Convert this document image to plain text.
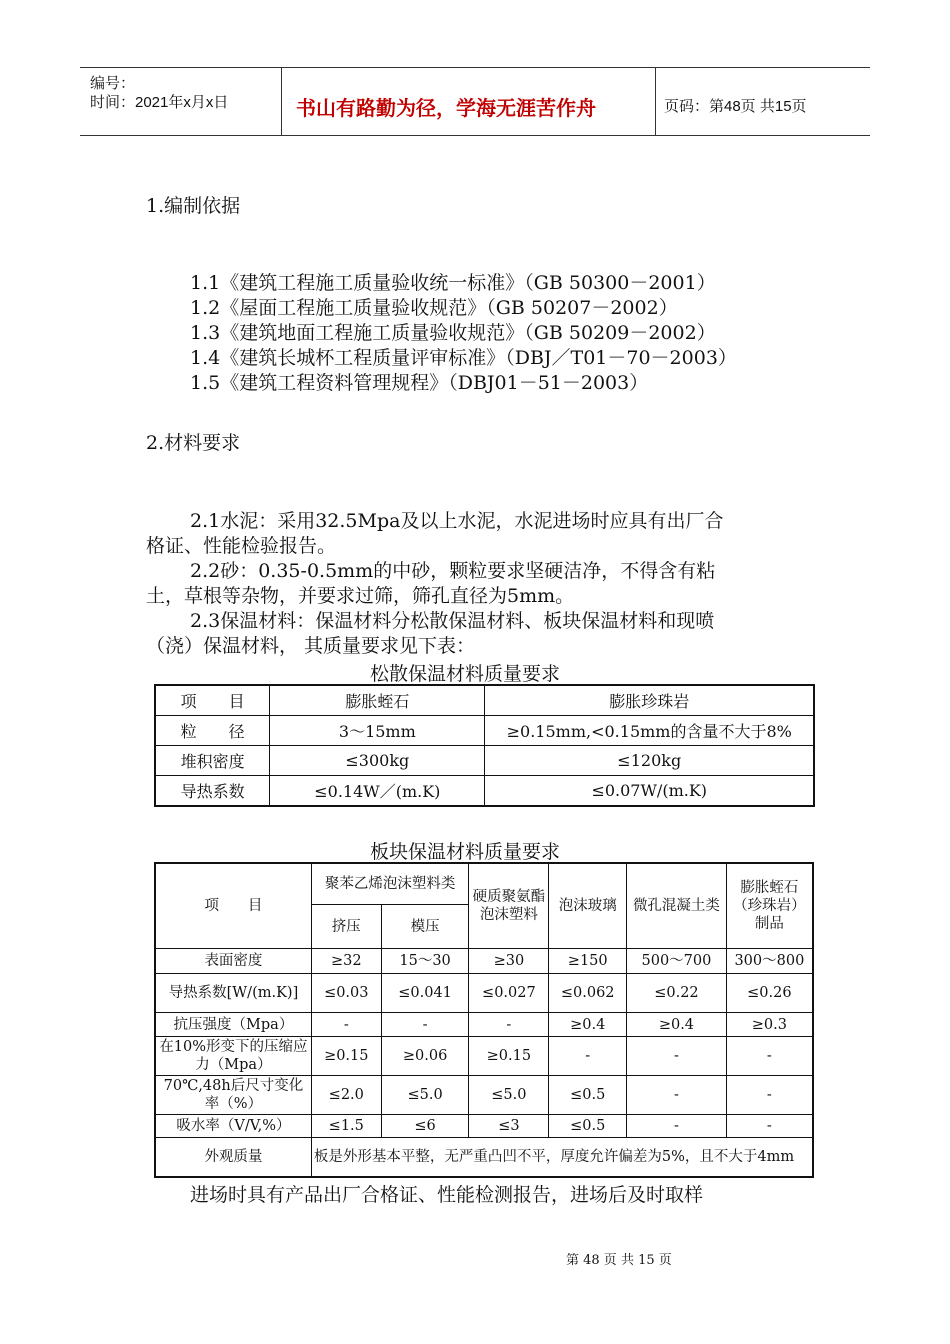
编号：
时间：2021年x月x日	书山有路勤为径，学海无涯苦作舟	页码：第48页 共15页
1.编制依据
1.1《建筑工程施工质量验收统一标准》（GB 50300－2001）
1.2《屋面工程施工质量验收规范》（GB 50207－2002）
1.3《建筑地面工程施工质量验收规范》（GB 50209－2002）
1.4《建筑长城杯工程质量评审标准》（DBJ／T01－70－2003）
1.5《建筑工程资料管理规程》（DBJ01－51－2003）
2.材料要求
2.1水泥：采用32.5Mpa及以上水泥，水泥进场时应具有出厂合
格证、性能检验报告。
2.2砂：0.35-0.5mm的中砂，颗粒要求坚硬洁净，不得含有粘
土，草根等杂物，并要求过筛，筛孔直径为5mm。
2.3保温材料：保温材料分松散保温材料、板块保温材料和现喷
（浇）保温材料， 其质量要求见下表：
松散保温材料质量要求
项　　目	膨胀蛭石	膨胀珍珠岩
粒　　径	3～15mm	≥0.15mm,<0.15mm的含量不大于8%
堆积密度	≤300kg	≤120kg
导热系数	≤0.14W／(m.K)	≤0.07W/(m.K)
板块保温材料质量要求
项　　目	聚苯乙烯泡沫塑料类		硬质聚氨酯泡沫塑料	泡沫玻璃	微孔混凝土类	膨胀蛭石（珍珠岩）制品
	挤压	模压				
表面密度	≥32	15～30	≥30	≥150	500～700	300～800
导热系数[W/(m.K)]	≤0.03	≤0.041	≤0.027	≤0.062	≤0.22	≤0.26
抗压强度（Mpa）	-	-	-	≥0.4	≥0.4	≥0.3
在10%形变下的压缩应力（Mpa）	≥0.15	≥0.06	≥0.15	-	-	-
70℃,48h后尺寸变化率（%）	≤2.0	≤5.0	≤5.0	≤0.5	-	-
吸水率（V/V,%）	≤1.5	≤6	≤3	≤0.5	-	-
外观质量	板是外形基本平整，无严重凸凹不平，厚度允许偏差为5%，且不大于4mm					
进场时具有产品出厂合格证、性能检测报告，进场后及时取样
第 48 页 共 15 页
